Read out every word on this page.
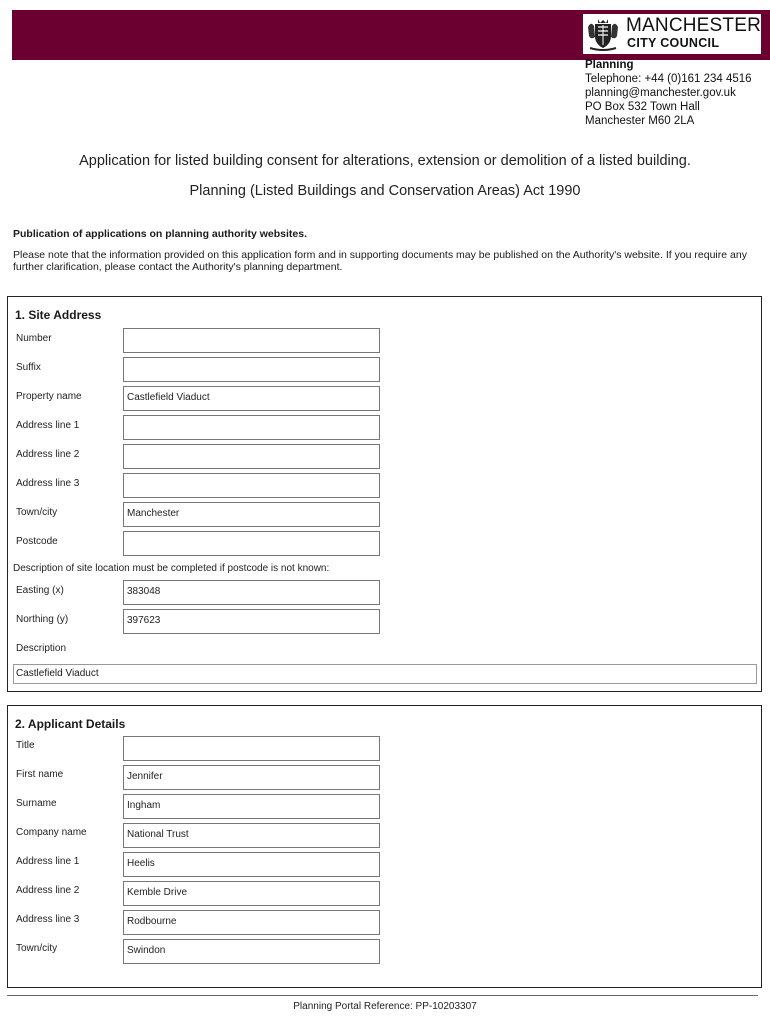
MANCHESTER
CITY COUNCIL
Planning
Telephone: +44 (0)161 234 4516
planning@manchester.gov.uk
PO Box 532 Town Hall
Manchester M60 2LA
Application for listed building consent for alterations, extension or demolition of a listed building.
Planning (Listed Buildings and Conservation Areas) Act 1990
Publication of applications on planning authority websites.
Please note that the information provided on this application form and in supporting documents may be published on the Authority's website. If you require any further clarification, please contact the Authority's planning department.
1. Site Address
Number
Suffix
Property name	Castlefield Viaduct
Address line 1
Address line 2
Address line 3
Town/city	Manchester
Postcode
Description of site location must be completed if postcode is not known:
Easting (x)	383048
Northing (y)	397623
Description
Castlefield Viaduct
2. Applicant Details
Title
First name	Jennifer
Surname	Ingham
Company name	National Trust
Address line 1	Heelis
Address line 2	Kemble Drive
Address line 3	Rodbourne
Town/city	Swindon
Planning Portal Reference: PP-10203307
